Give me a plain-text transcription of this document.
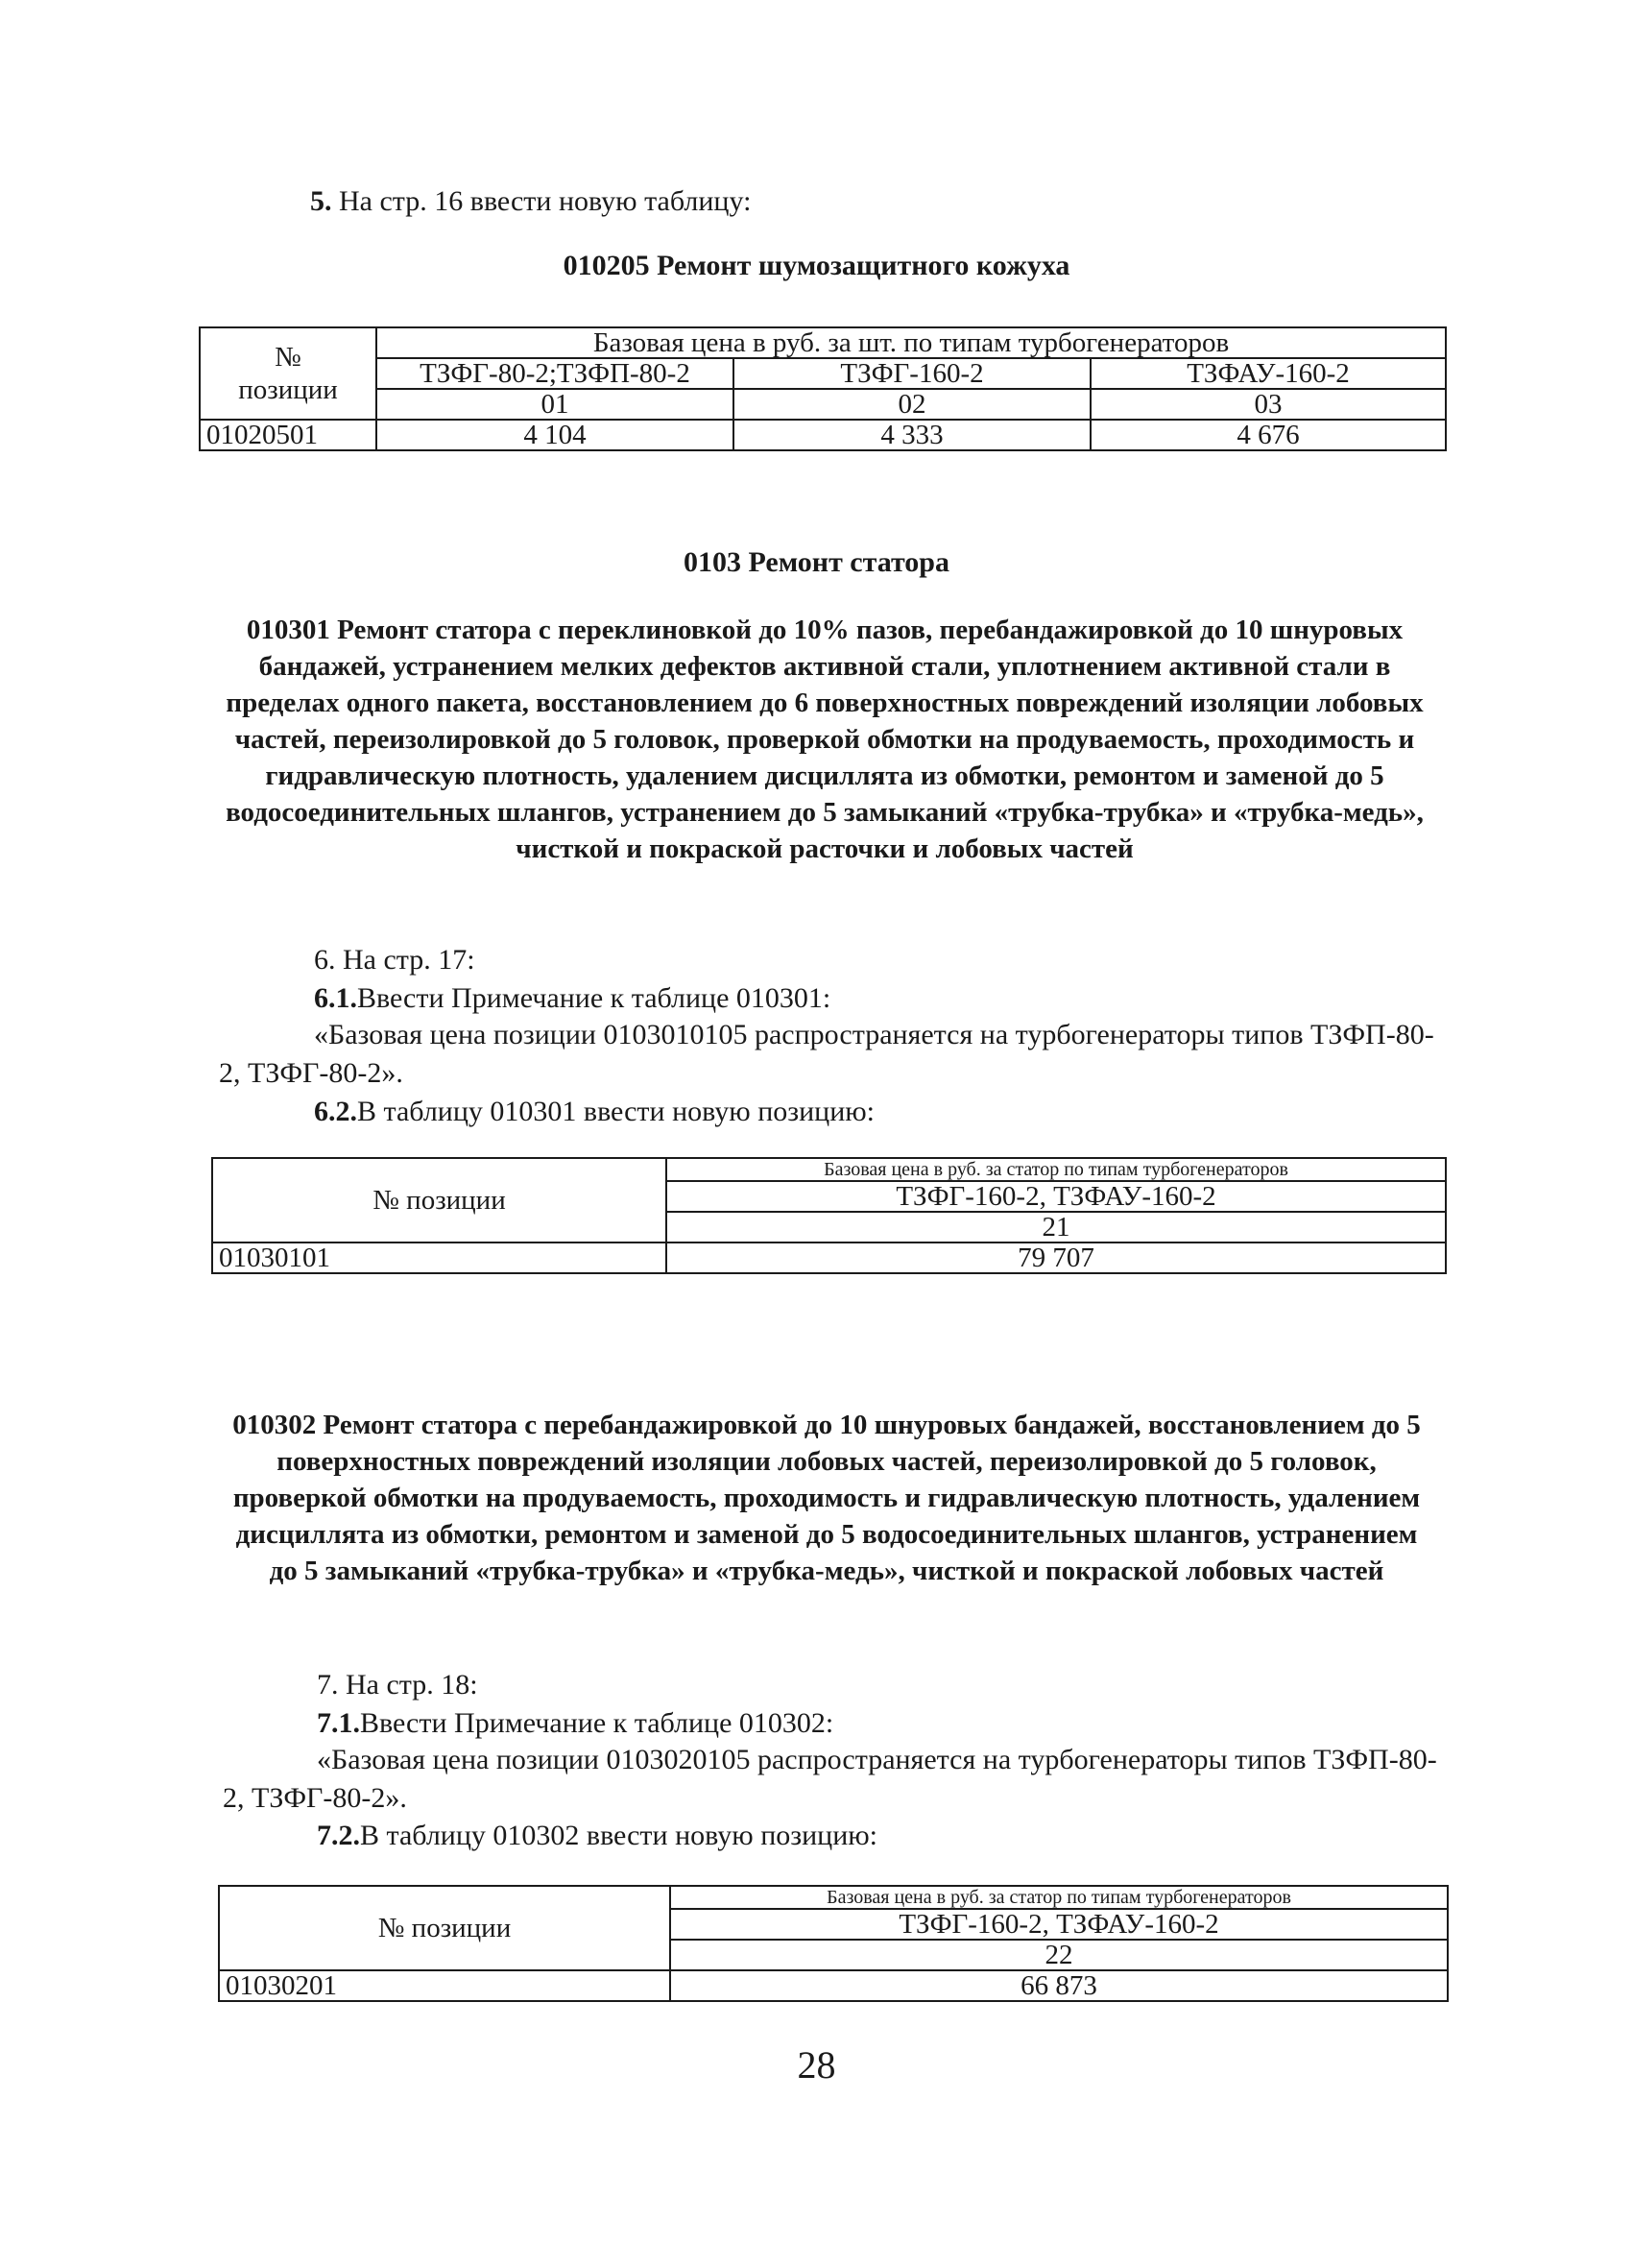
5. На стр. 16 ввести новую таблицу:
010205 Ремонт шумозащитного кожуха
№
позиции	Базовая цена в руб. за шт. по типам турбогенераторов		
	ТЗФГ-80-2;ТЗФП-80-2	ТЗФГ-160-2	ТЗФАУ-160-2
	01	02	03
01020501	4 104	4 333	4 676
0103 Ремонт статора
010301 Ремонт статора с переклиновкой до 10% пазов, перебандажировкой до 10 шнуровых бандажей, устранением мелких дефектов активной стали, уплотнением активной стали в пределах одного пакета, восстановлением до 6 поверхностных повреждений изоляции лобовых частей, переизолировкой до 5 головок, проверкой обмотки на продуваемость, проходимость и гидравлическую плотность, удалением дисциллята из обмотки, ремонтом и заменой до 5 водосоединительных шлангов, устранением до 5 замыканий «трубка-трубка» и «трубка-медь», чисткой и покраской расточки и лобовых частей
6. На стр. 17:
6.1.Ввести Примечание к таблице 010301:
«Базовая цена позиции 0103010105 распространяется на турбогенераторы типов ТЗФП-80-2, ТЗФГ-80-2».
6.2.В таблицу 010301 ввести новую позицию:
№ позиции	Базовая цена в руб. за статор по типам турбогенераторов
	ТЗФГ-160-2, ТЗФАУ-160-2
	21
01030101	79 707
010302 Ремонт статора с перебандажировкой до 10 шнуровых бандажей, восстановлением до 5 поверхностных повреждений изоляции лобовых частей, переизолировкой до 5 головок, проверкой обмотки на продуваемость, проходимость и гидравлическую плотность, удалением дисциллята из обмотки, ремонтом и заменой до 5 водосоединительных шлангов, устранением до 5 замыканий «трубка-трубка» и «трубка-медь», чисткой и покраской лобовых частей
7. На стр. 18:
7.1.Ввести Примечание к таблице 010302:
«Базовая цена позиции 0103020105 распространяется на турбогенераторы типов ТЗФП-80-2, ТЗФГ-80-2».
7.2.В таблицу 010302 ввести новую позицию:
№ позиции	Базовая цена в руб. за статор по типам турбогенераторов
	ТЗФГ-160-2, ТЗФАУ-160-2
	22
01030201	66 873
28
